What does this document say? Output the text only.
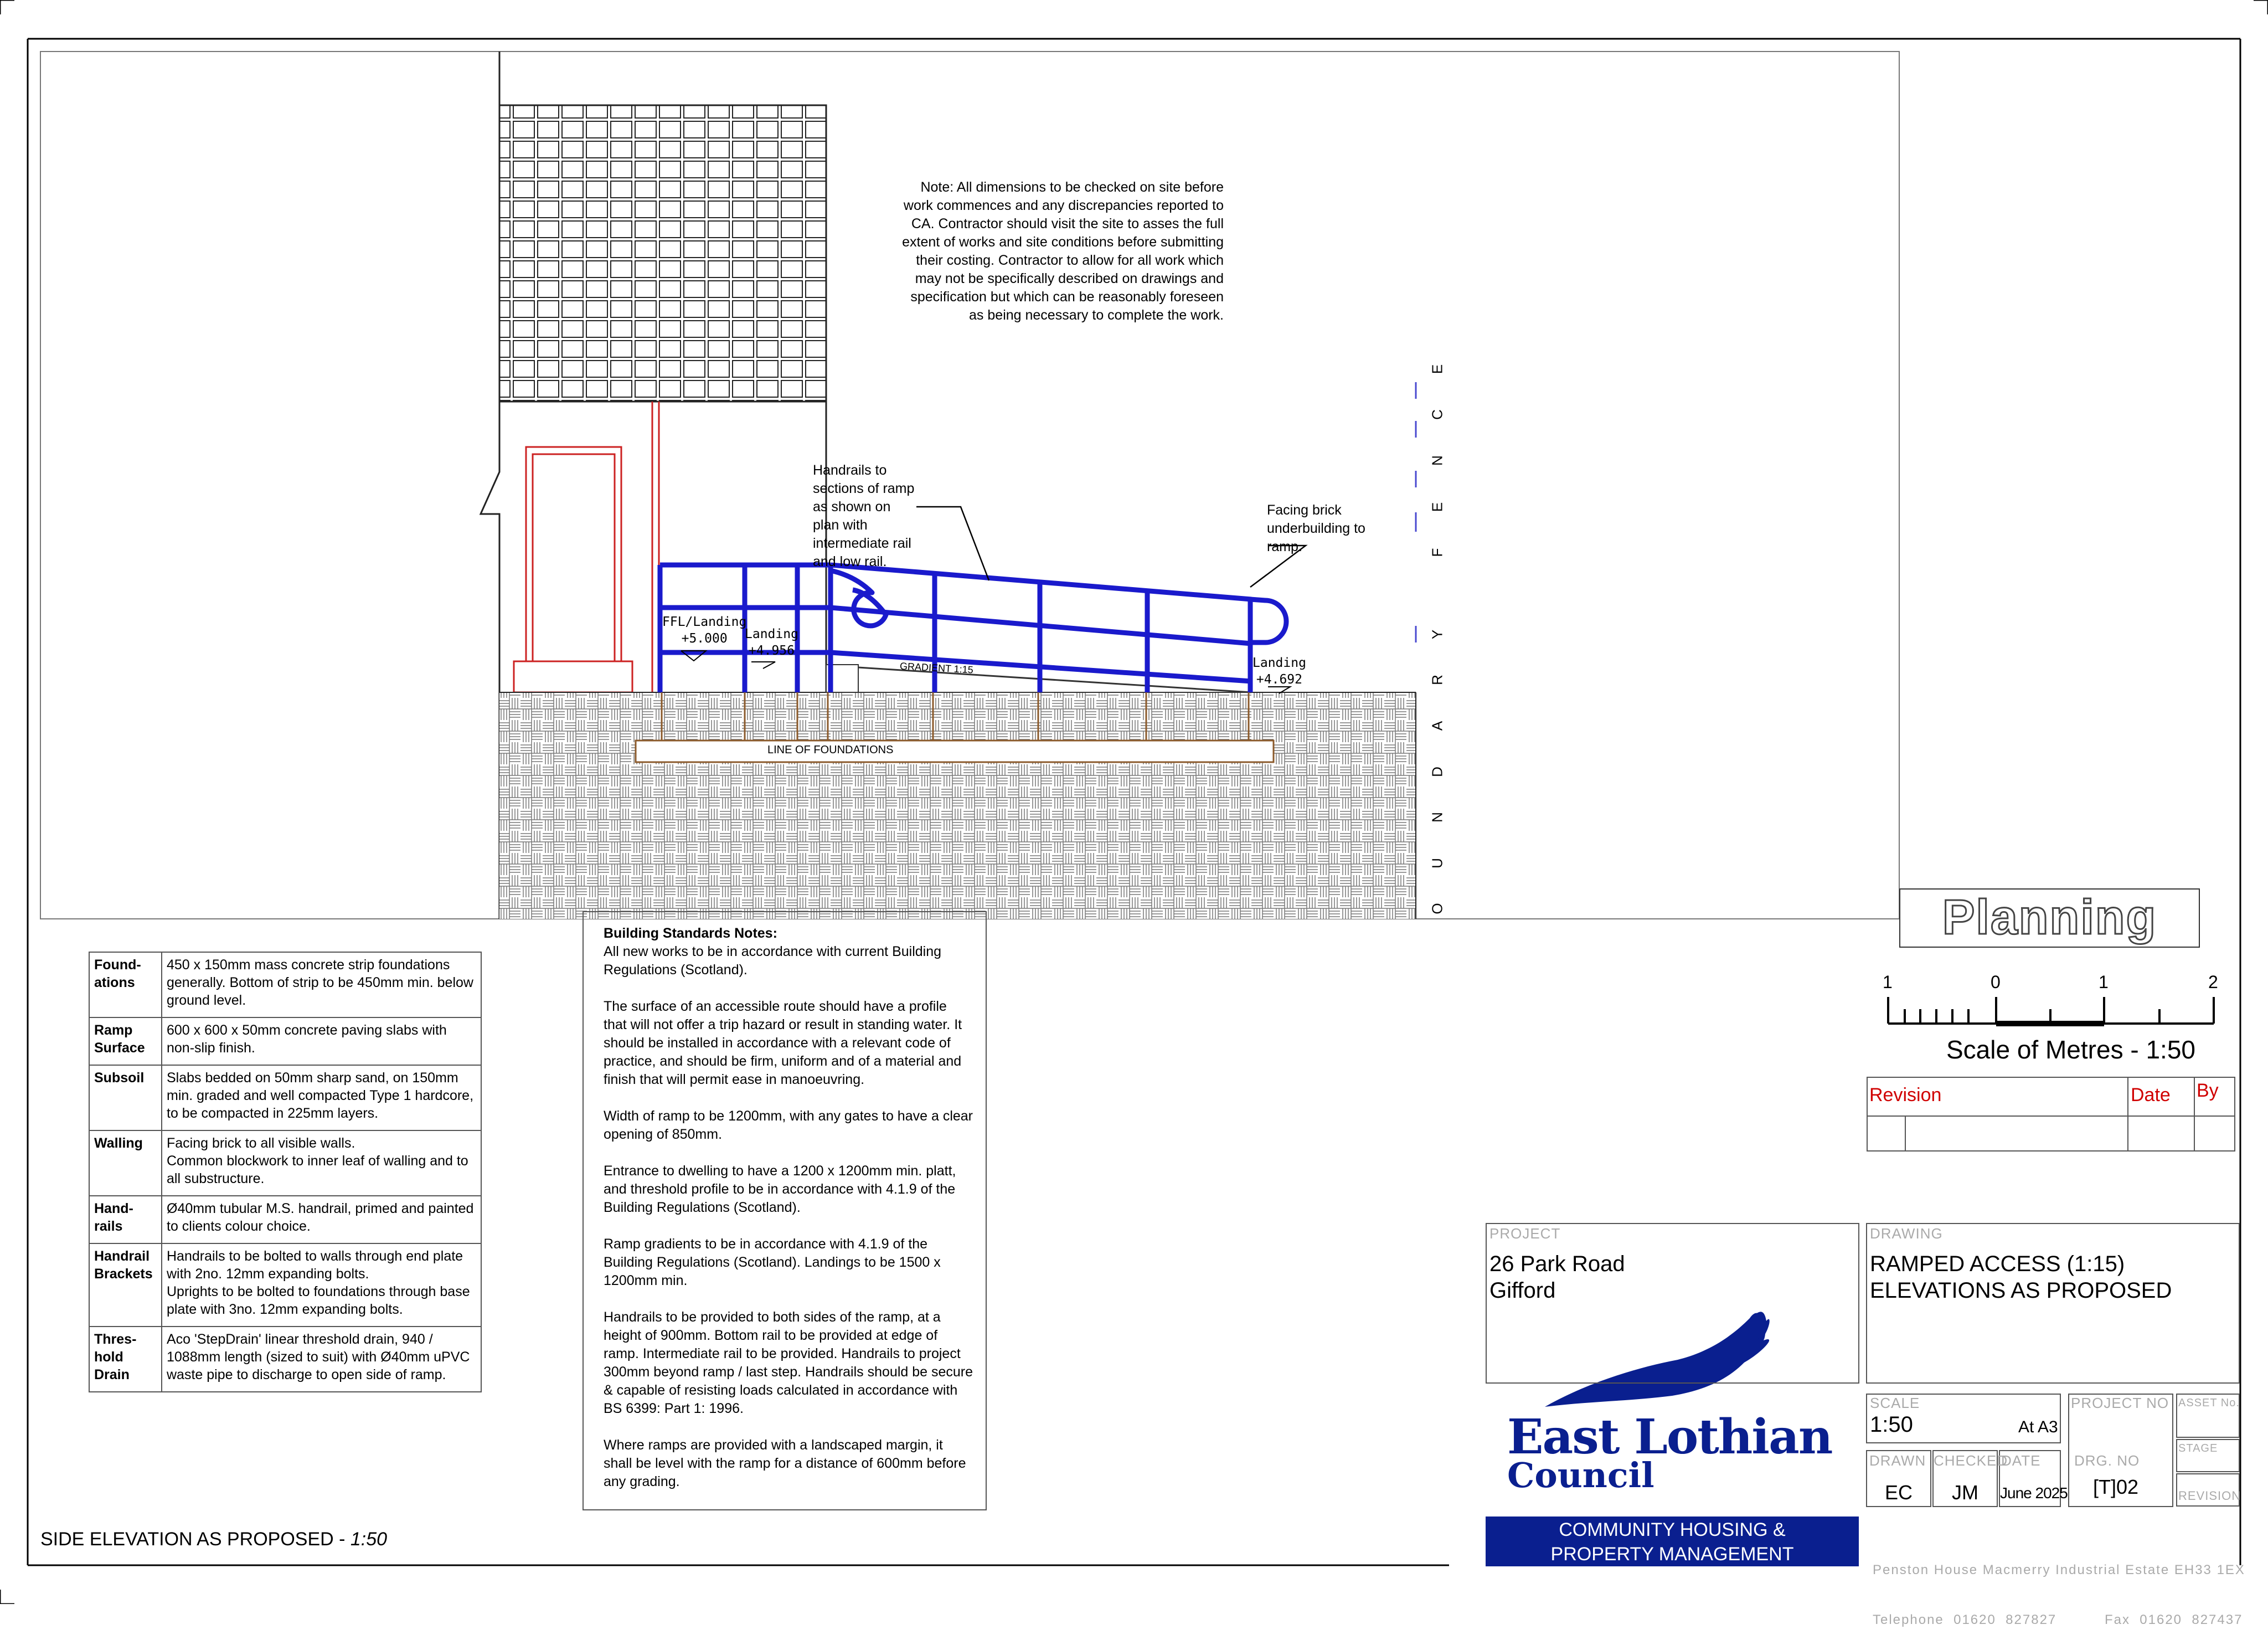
Note: All dimensions to be checked on site before
work commences and any discrepancies reported to
CA. Contractor should visit the site to asses the full
extent of works and site conditions before submitting
their costing. Contractor to allow for all work which
may not be specifically described on drawings and
specification but which can be reasonably foreseen
as being necessary to complete the work.
Handrails to
sections of ramp
as shown on
plan with
intermediate rail
and low rail.
Facing brick
underbuilding to
ramp.
FFL/Landing
+5.000	Landing
+4.956
Landing
+4.692
GRADIENT 1:15
LINE OF FOUNDATIONS
E
C
N
E
F
Y
R
A
D
N
U
O
Found-
ations	450 x 150mm mass concrete strip foundations generally. Bottom of strip to be 450mm min. below ground level.
Ramp
Surface	600 x 600 x 50mm concrete paving slabs with non-slip finish.
Subsoil	Slabs bedded on 50mm sharp sand, on 150mm min. graded and well compacted Type 1 hardcore, to be compacted in 225mm layers.
Walling	Facing brick to all visible walls.
Common blockwork to inner leaf of walling and to all substructure.
Hand-
rails	Ø40mm tubular M.S. handrail, primed and painted to clients colour choice.
Handrail
Brackets	Handrails to be bolted to walls through end plate with 2no. 12mm expanding bolts.
Uprights to be bolted to foundations through base plate with 3no. 12mm expanding bolts.
Thres-
hold
Drain	Aco 'StepDrain' linear threshold drain, 940 / 1088mm length (sized to suit) with Ø40mm uPVC waste pipe to discharge to open side of ramp.
Building Standards Notes:

All new works to be in accordance with current Building Regulations (Scotland).

The surface of an accessible route should have a profile that will not offer a trip hazard or result in standing water. It should be installed in accordance with a relevant code of practice, and should be firm, uniform and of a material and finish that will permit ease in manoeuvring.

Width of ramp to be 1200mm, with any gates to have a clear opening of 850mm.

Entrance to dwelling to have a 1200 x 1200mm min. platt, and threshold profile to be in accordance with 4.1.9 of the Building Regulations (Scotland).

Ramp gradients to be in accordance with 4.1.9 of the Building Regulations (Scotland). Landings to be 1500 x 1200mm min.

Handrails to be provided to both sides of the ramp, at a height of 900mm. Bottom rail to be provided at edge of ramp. Intermediate rail to be provided. Handrails to project 300mm beyond ramp / last step. Handrails should be secure & capable of resisting loads calculated in accordance with BS 6399: Part 1: 1996.

Where ramps are provided with a landscaped margin, it shall be level with the ramp for a distance of 600mm before any grading.

SIDE ELEVATION AS PROPOSED - 1:50
Planning
1	0	1	2
Scale of Metres - 1:50
Revision	Date By
PROJECT
26 Park Road
Gifford
DRAWING
RAMPED ACCESS (1:15)
ELEVATIONS AS PROPOSED
SCALE
1:50	At A3
PROJECT NO ASSET No.
STAGE
REVISION
DRAWN
EC
CHECKED
JM
DATE
June 2025
DRG. NO
[T]02
East Lothian
Council
COMMUNITY HOUSING &
PROPERTY MANAGEMENT

Penston House Macmerry Industrial Estate EH33 1EX

Telephone  01620  827827          Fax  01620  827437
